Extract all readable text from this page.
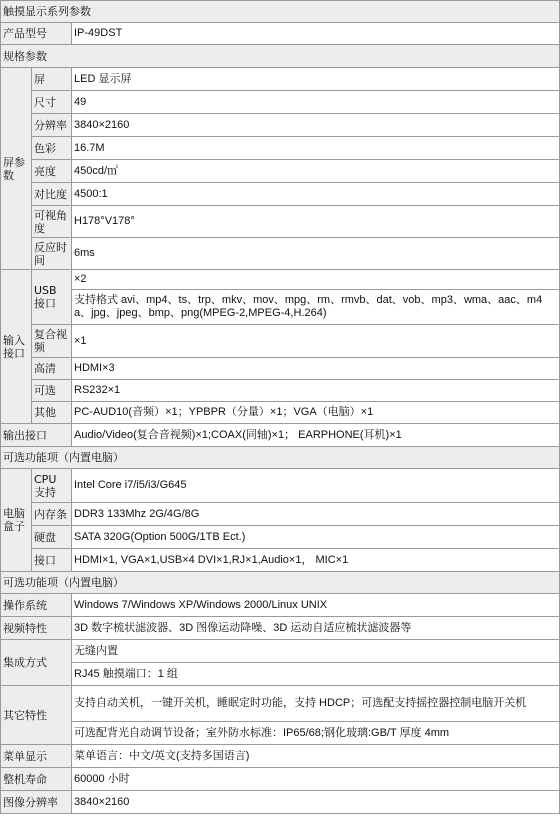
触摸显示系列参数		
产品型号		IP-49DST
规格参数		
屏参数	屏	LED 显示屏
	尺寸	49
	分辨率	3840×2160
	色彩	16.7M
	亮度	450cd/㎡
	对比度	4500:1
	可视角度	H178°V178°
	反应时间	6ms
输入接口	USB 接口	×2
		支持格式 avi、mp4、ts、trp、mkv、mov、mpg、rm、rmvb、dat、vob、mp3、wma、aac、m4a、jpg、jpeg、bmp、png(MPEG-2,MPEG-4,H.264)
	复合视频	×1
	高清	HDMI×3
	可选	RS232×1
	其他	PC-AUD10(音频）×1；YPBPR（分量）×1；VGA（电脑）×1
输出接口		Audio/Video(复合音视频)×1;COAX(同轴)×1； EARPHONE(耳机)×1
可选功能项（内置电脑）		
电脑盒子	CPU 支持	Intel Core i7/i5/i3/G645
	内存条	DDR3 133Mhz 2G/4G/8G
	硬盘	SATA 320G(Option 500G/1TB Ect.)
	接口	HDMI×1, VGA×1,USB×4 DVI×1,RJ×1,Audio×1， MIC×1
可选功能项（内置电脑）		
操作系统		Windows 7/Windows XP/Windows 2000/Linux UNIX
视频特性		3D 数字梳状滤波器、3D 图像运动降噪、3D 运动自适应梳状滤波器等
集成方式		无缝内置
		RJ45 触摸端口：1 组
其它特性		支持自动关机，一键开关机，睡眠定时功能，支持 HDCP；可选配支持摇控器控制电脑开关机
		可选配背光自动调节设备；室外防水标准：IP65/68;钢化玻璃:GB/T 厚度 4mm
菜单显示		菜单语言：中文/英文(支持多国语言)
整机寿命		60000 小时
图像分辨率		3840×2160
